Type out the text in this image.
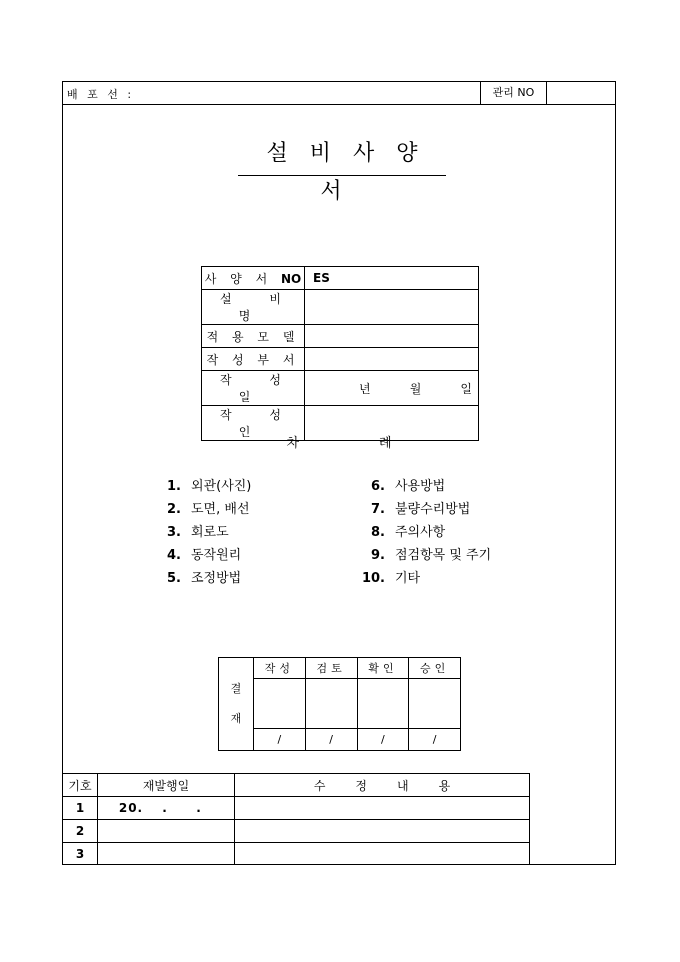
배 포 선 :	관리 NO
설비사양서
사 양 서 NO	ES
설 비 명	
적 용 모 델	
작 성 부 서	
작 성 일	년 월 일

작 성 인	
차례
1. 외관(사진)
2. 도면, 배선
3. 회로도
4. 동작원리
5. 조정방법
6. 사용방법
7. 불량수리방법
8. 주의사항
9. 점검항목 및 주기
10. 기타
결
재	작성	검토	확인	승인

	/	/	/	/
기호	재발행일	수정내용
1	20. . .	
2		
3		
